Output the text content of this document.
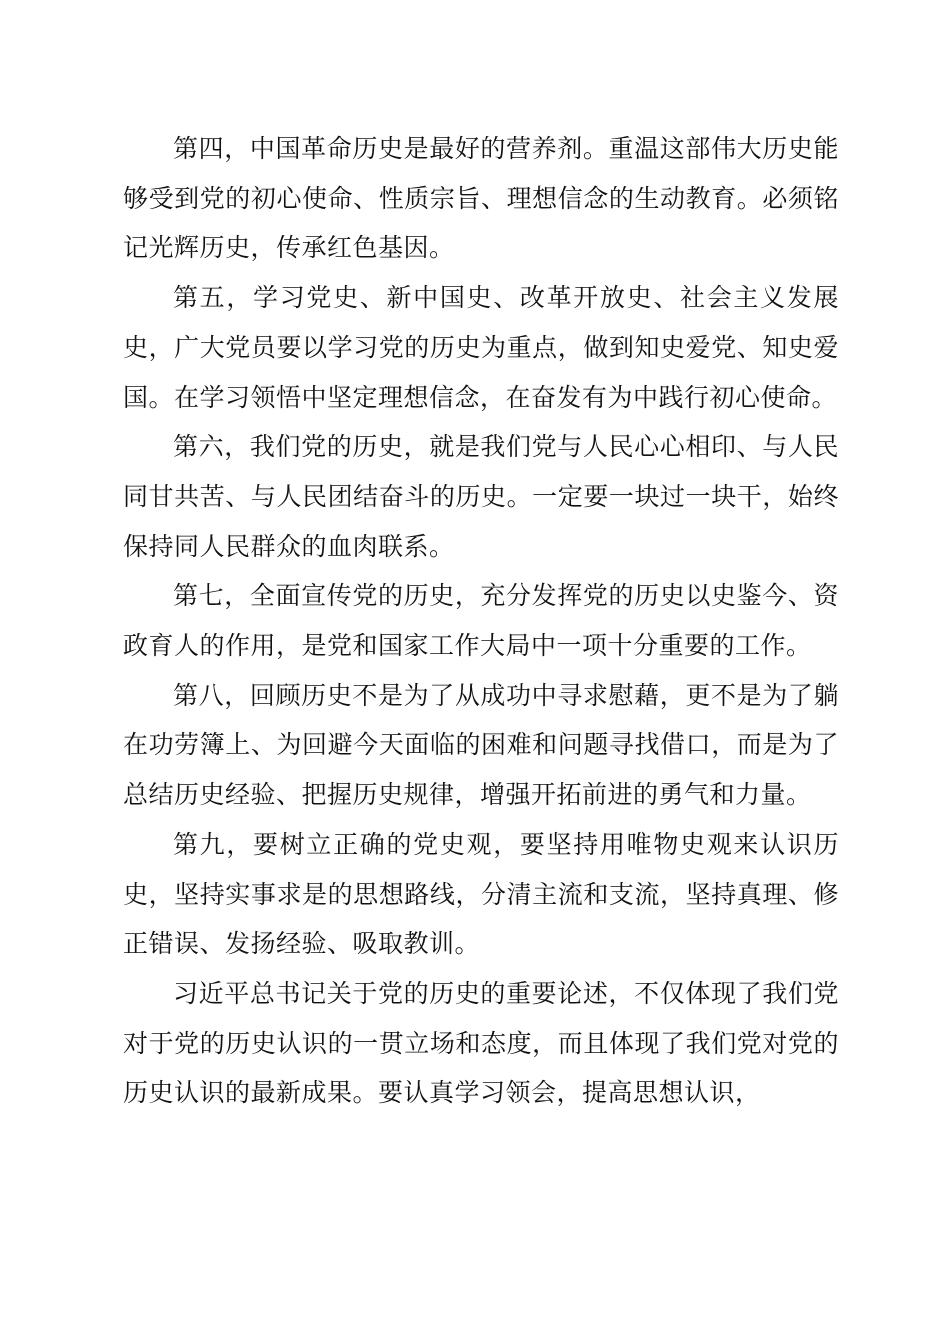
第四，中国革命历史是最好的营养剂。重温这部伟大历史能够受到党的初心使命、性质宗旨、理想信念的生动教育。必须铭记光辉历史，传承红色基因。

第五，学习党史、新中国史、改革开放史、社会主义发展史，广大党员要以学习党的历史为重点，做到知史爱党、知史爱国。在学习领悟中坚定理想信念，在奋发有为中践行初心使命。

第六，我们党的历史，就是我们党与人民心心相印、与人民同甘共苦、与人民团结奋斗的历史。一定要一块过一块干，始终保持同人民群众的血肉联系。

第七，全面宣传党的历史，充分发挥党的历史以史鉴今、资政育人的作用，是党和国家工作大局中一项十分重要的工作。

第八，回顾历史不是为了从成功中寻求慰藉，更不是为了躺在功劳簿上、为回避今天面临的困难和问题寻找借口，而是为了总结历史经验、把握历史规律，增强开拓前进的勇气和力量。

第九，要树立正确的党史观，要坚持用唯物史观来认识历史，坚持实事求是的思想路线，分清主流和支流，坚持真理、修正错误、发扬经验、吸取教训。

习近平总书记关于党的历史的重要论述，不仅体现了我们党对于党的历史认识的一贯立场和态度，而且体现了我们党对党的历史认识的最新成果。要认真学习领会，提高思想认识，
